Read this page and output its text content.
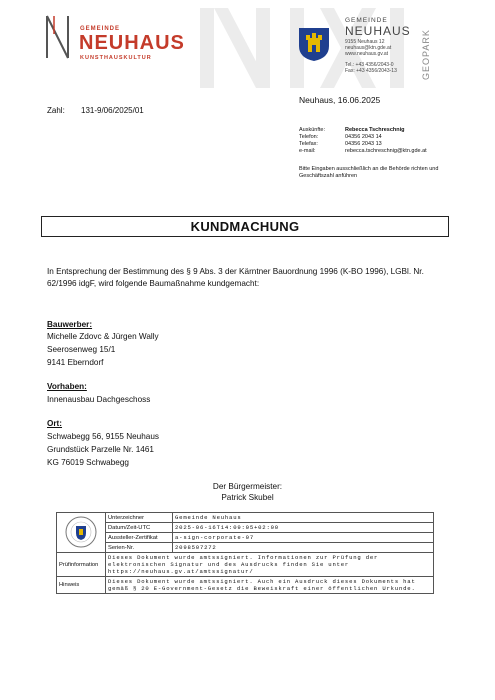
GEMEINDE
NEUHAUS
KUNSTHAUSKULTUR
GEMEINDE
NEUHAUS
9155 Neuhaus 12
neuhaus@ktn.gde.at
www.neuhaus.gv.at
Tel.: +43 4356/2043-0
Fax: +43 4356/2043-13	GEOPARK
Neuhaus, 16.06.2025
Zahl: 131-9/06/2025/01
Auskünfte:	Rebecca Tschreschnig
Telefon:	04356 2043 14
Telefax:	04356 2043 13
e-mail:	rebecca.tschreschnig@ktn.gde.at
Bitte Eingaben ausschließlich an die Behörde richten und Geschäftszahl anführen
KUNDMACHUNG
In Entsprechung der Bestimmung des § 9 Abs. 3 der Kärntner Bauordnung 1996 (K-BO 1996), LGBl. Nr. 62/1996 idgF, wird folgende Baumaßnahme kundgemacht:
Bauwerber:
Michelle Zdovc & Jürgen Wally
Seerosenweg 15/1
9141 Eberndorf
Vorhaben:
Innenausbau Dachgeschoss
Ort:
Schwabegg 56, 9155 Neuhaus
Grundstück Parzelle Nr. 1461
KG 76019 Schwabegg
Der Bürgermeister:
Patrick Skubel
	Unterzeichner	Gemeinde Neuhaus
	Datum/Zeit-UTC	2025-06-16T14:09:05+02:00
	Aussteller-Zertifikat	a-sign-corporate-07
	Serien-Nr.	2098507272
Prüfinformation	Dieses Dokument wurde amtssigniert. Informationen zur Prüfung der elektronischen Signatur und des Ausdrucks finden Sie unter https://neuhaus.gv.at/amtssignatur/	
Hinweis	Dieses Dokument wurde amtssigniert. Auch ein Ausdruck dieses Dokuments hat gemäß § 20 E-Government-Gesetz die Beweiskraft einer öffentlichen Urkunde.	
